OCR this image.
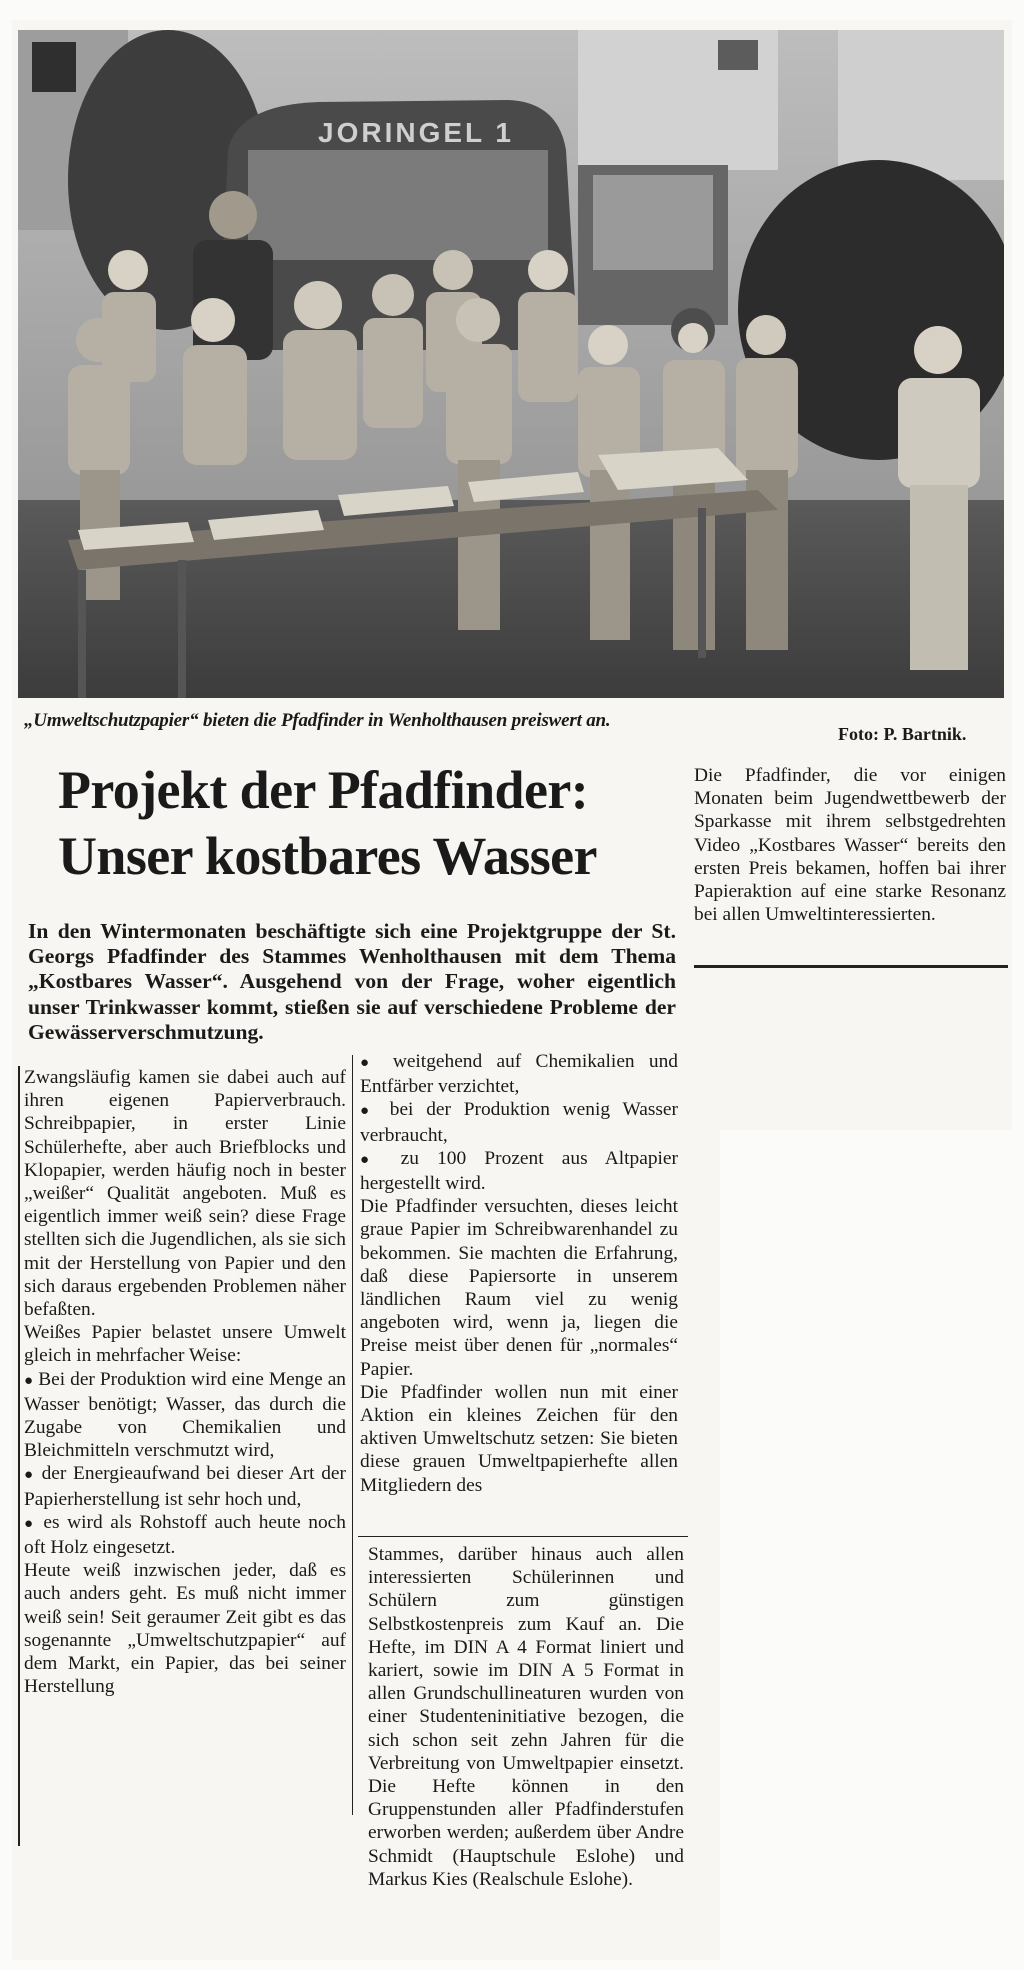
JORINGEL 1
„Umweltschutzpapier“ bieten die Pfadfinder in Wenholthausen preiswert an.
Foto: P. Bartnik.
Projekt der Pfadfinder: Unser kostbares Wasser

Die Pfadfinder, die vor einigen Monaten beim Jugendwettbewerb der Sparkasse mit ihrem selbstgedrehten Video „Kostbares Wasser“ bereits den ersten Preis bekamen, hoffen bai ihrer Papieraktion auf eine starke Resonanz bei allen Umweltinteressierten.

In den Wintermonaten beschäftigte sich eine Projektgruppe der St. Georgs Pfadfinder des Stammes Wenholthausen mit dem Thema „Kostbares Wasser“. Ausgehend von der Frage, woher eigentlich unser Trinkwasser kommt, stießen sie auf verschiedene Probleme der Gewässerverschmutzung.

Zwangsläufig kamen sie dabei auch auf ihren eigenen Papierverbrauch. Schreibpapier, in erster Linie Schülerhefte, aber auch Briefblocks und Klopapier, werden häufig noch in bester „weißer“ Qualität angeboten. Muß es eigentlich immer weiß sein? diese Frage stellten sich die Jugendlichen, als sie sich mit der Herstellung von Papier und den sich daraus ergebenden Problemen näher befaßten.

Weißes Papier belastet unsere Umwelt gleich in mehrfacher Weise:

● Bei der Produktion wird eine Menge an Wasser benötigt; Wasser, das durch die Zugabe von Chemikalien und Bleichmitteln verschmutzt wird,

● der Energieaufwand bei dieser Art der Papierherstellung ist sehr hoch und,

● es wird als Rohstoff auch heute noch oft Holz eingesetzt.

Heute weiß inzwischen jeder, daß es auch anders geht. Es muß nicht immer weiß sein! Seit geraumer Zeit gibt es das sogenannte „Umweltschutzpapier“ auf dem Markt, ein Papier, das bei seiner Herstellung

● weitgehend auf Chemikalien und Entfärber verzichtet,

● bei der Produktion wenig Wasser verbraucht,

● zu 100 Prozent aus Altpapier hergestellt wird.

Die Pfadfinder versuchten, dieses leicht graue Papier im Schreibwarenhandel zu bekommen. Sie machten die Erfahrung, daß diese Papiersorte in unserem ländlichen Raum viel zu wenig angeboten wird, wenn ja, liegen die Preise meist über denen für „normales“ Papier.

Die Pfadfinder wollen nun mit einer Aktion ein kleines Zeichen für den aktiven Umweltschutz setzen: Sie bieten diese grauen Umweltpapierhefte allen Mitgliedern des

Stammes, darüber hinaus auch allen interessierten Schülerinnen und Schülern zum günstigen Selbstkostenpreis zum Kauf an. Die Hefte, im DIN A 4 Format liniert und kariert, sowie im DIN A 5 Format in allen Grundschullineaturen wurden von einer Studenteninitiative bezogen, die sich schon seit zehn Jahren für die Verbreitung von Umweltpapier einsetzt. Die Hefte können in den Gruppenstunden aller Pfadfinderstufen erworben werden; außerdem über Andre Schmidt (Hauptschule Eslohe) und Markus Kies (Realschule Eslohe).
